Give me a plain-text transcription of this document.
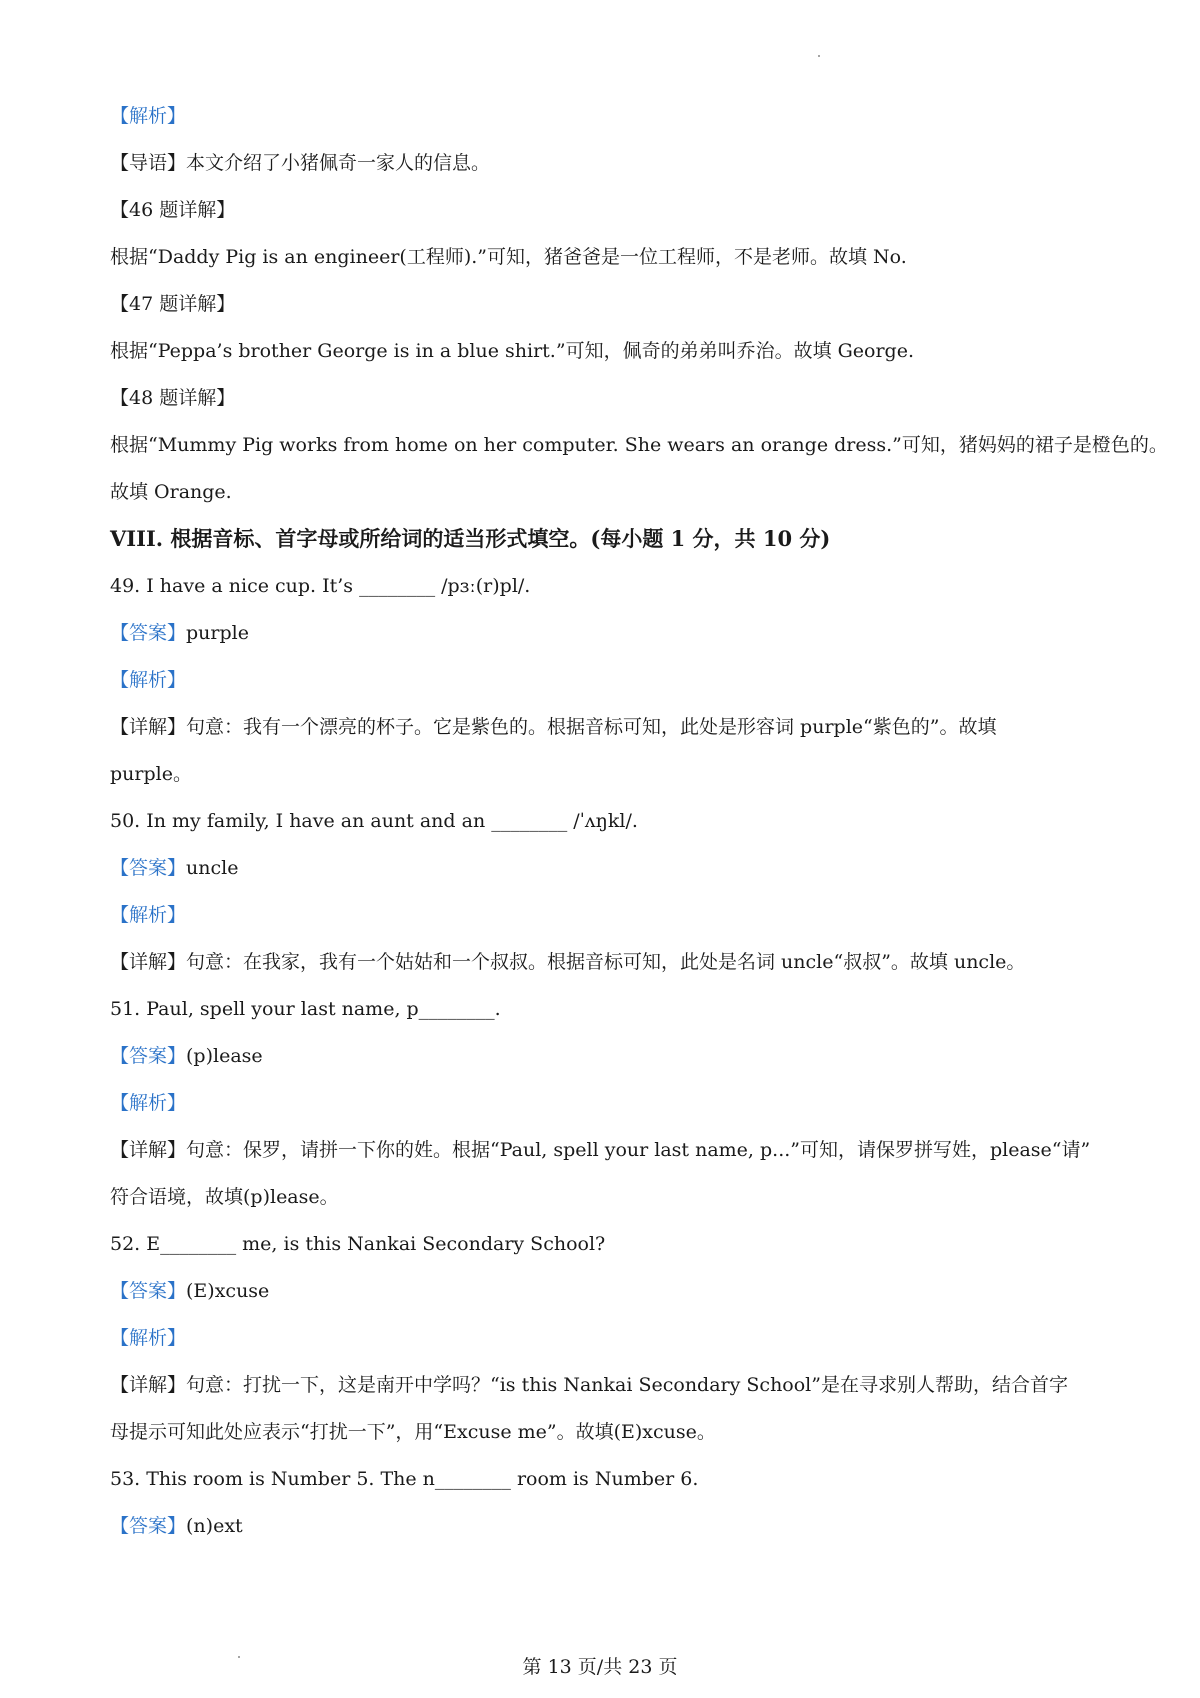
【解析】
【导语】本文介绍了小猪佩奇一家人的信息。
【46 题详解】
根据“Daddy Pig is an engineer(工程师).”可知，猪爸爸是一位工程师，不是老师。故填 No.
【47 题详解】
根据“Peppa’s brother George is in a blue shirt.”可知，佩奇的弟弟叫乔治。故填 George.
【48 题详解】
根据“Mummy Pig works from home on her computer. She wears an orange dress.”可知，猪妈妈的裙子是橙色的。
故填 Orange.
VIII. 根据音标、首字母或所给词的适当形式填空。(每小题 1 分，共 10 分)
49. I have a nice cup. It’s ________ /pɜː(r)pl/.
【答案】purple
【解析】
【详解】句意：我有一个漂亮的杯子。它是紫色的。根据音标可知，此处是形容词 purple“紫色的”。故填
purple。
50. In my family, I have an aunt and an ________ /ˈʌŋkl/.
【答案】uncle
【解析】
【详解】句意：在我家，我有一个姑姑和一个叔叔。根据音标可知，此处是名词 uncle“叔叔”。故填 uncle。
51. Paul, spell your last name, p________.
【答案】(p)lease
【解析】
【详解】句意：保罗，请拼一下你的姓。根据“Paul, spell your last name, p...”可知，请保罗拼写姓，please“请”
符合语境，故填(p)lease。
52. E________ me, is this Nankai Secondary School?
【答案】(E)xcuse
【解析】
【详解】句意：打扰一下，这是南开中学吗？“is this Nankai Secondary School”是在寻求别人帮助，结合首字
母提示可知此处应表示“打扰一下”，用“Excuse me”。故填(E)xcuse。
53. This room is Number 5. The n________ room is Number 6.
【答案】(n)ext
第 13 页/共 23 页
